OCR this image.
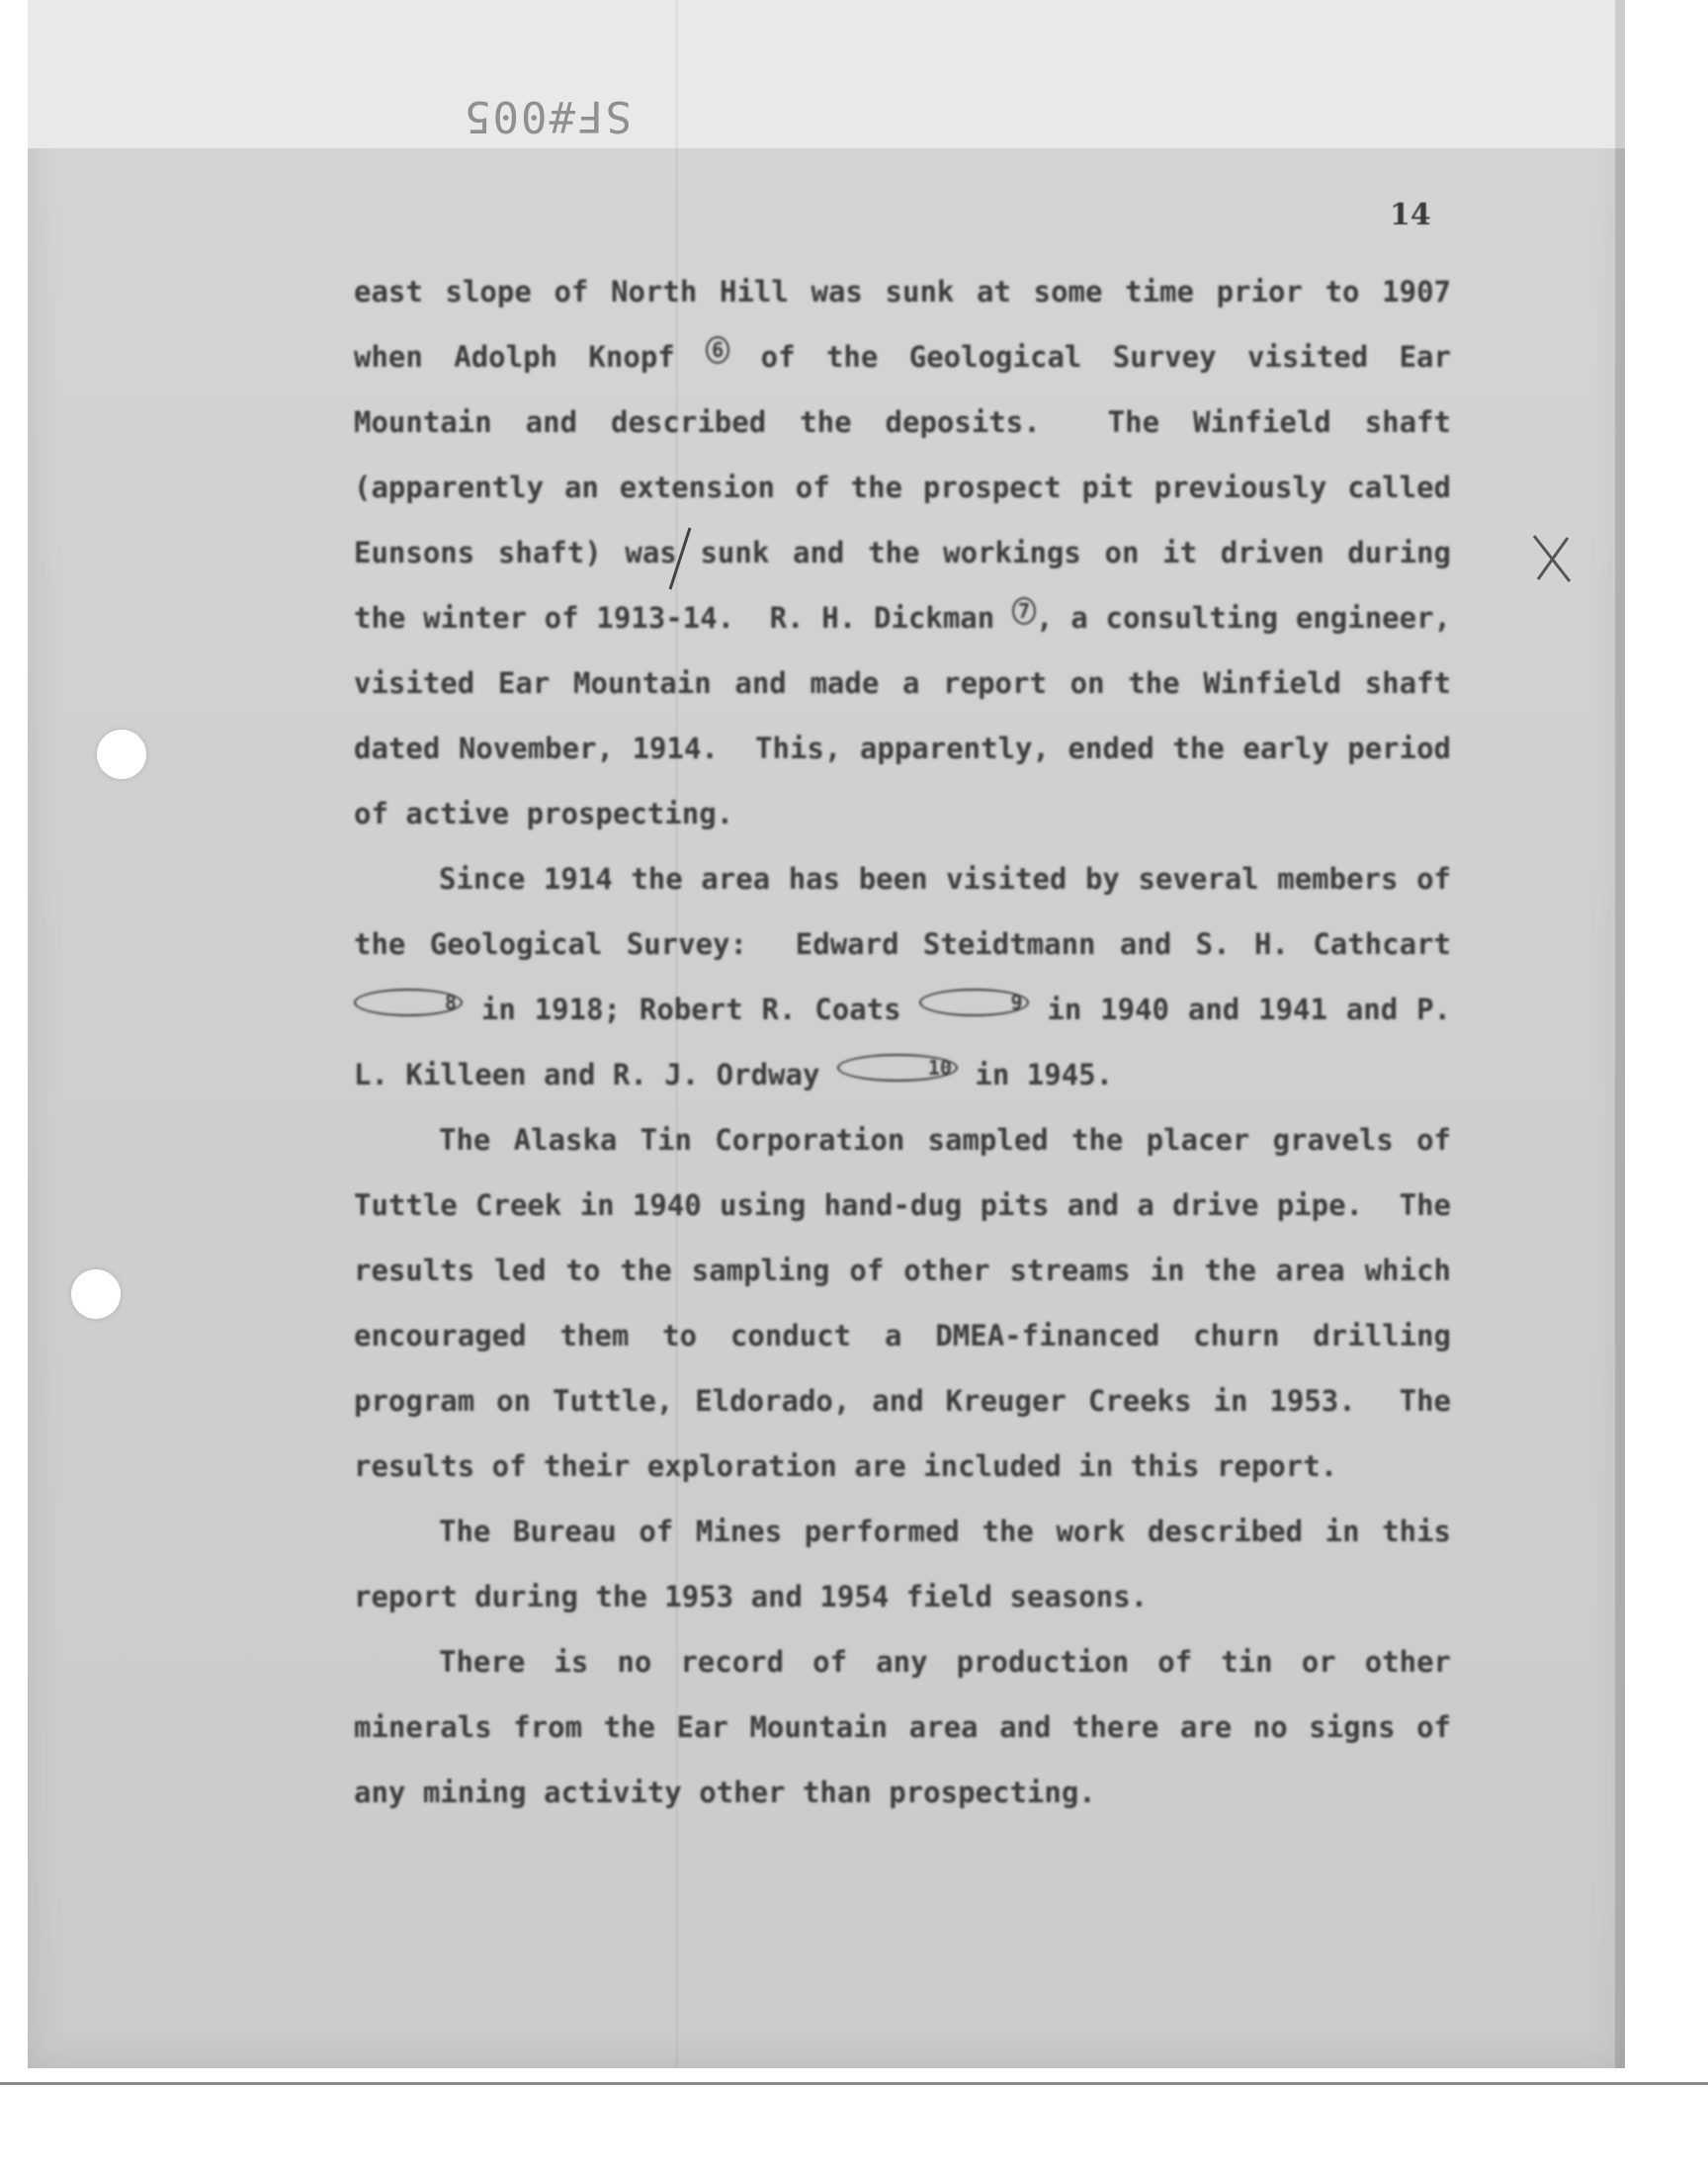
SF#005
14

east slope of North Hill was sunk at some time prior to 1907 when Adolph Knopf 6 of the Geological Survey visited Ear Mountain and described the deposits.  The Winfield shaft (apparently an extension of the prospect pit previously called Eunsons shaft) was sunk and the workings on it driven during the winter of 1913-14.  R. H. Dickman 7 , a consulting engineer, visited Ear Mountain and made a report on the Winfield shaft dated November, 1914.  This, apparently, ended the early period of active prospecting.

Since 1914 the area has been visited by several members of the Geological Survey:  Edward Steidtmann and S. H. Cathcart 8 in 1918; Robert R. Coats	9 in 1940 and 1941 and P. L. Killeen and R. J. Ordway	10 in 1945.

The Alaska Tin Corporation sampled the placer gravels of Tuttle Creek in 1940 using hand-dug pits and a drive pipe.  The results led to the sampling of other streams in the area which encouraged them to conduct a DMEA-financed churn drilling program on Tuttle, Eldorado, and Kreuger Creeks in 1953.  The results of their exploration are included in this report.

The Bureau of Mines performed the work described in this report during the 1953 and 1954 field seasons.

There is no record of any production of tin or other minerals from the Ear Mountain area and there are no signs of any mining activity other than prospecting.
